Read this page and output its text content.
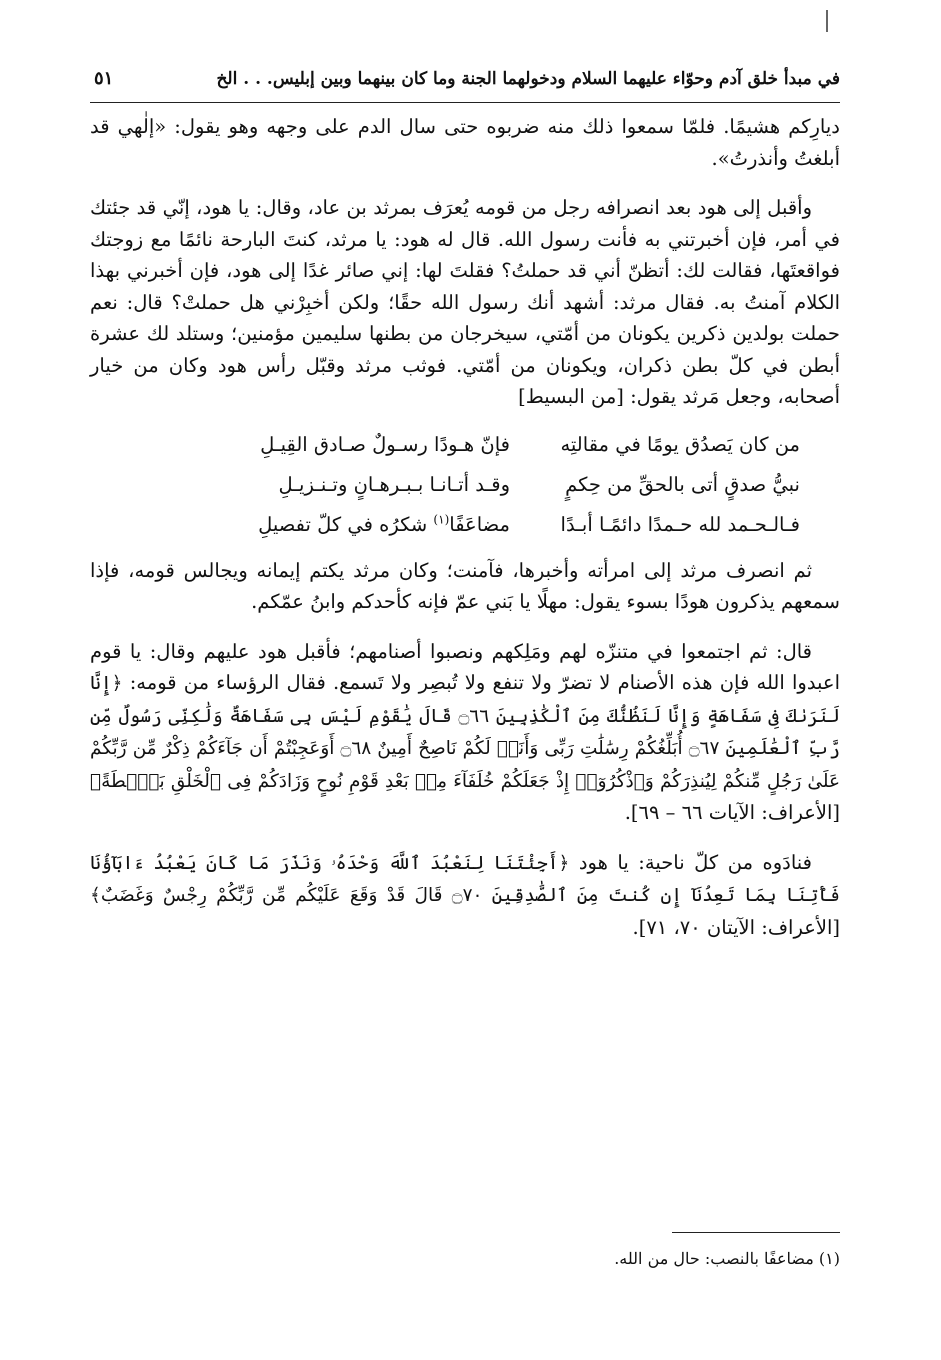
في مبدأ خلق آدم وحوّاء عليهما السلام ودخولهما الجنة وما كان بينهما وبين إبليس. . . الخ
٥١

ديارِكم هشيمًا. فلمّا سمعوا ذلك منه ضربوه حتى سال الدم على وجهه وهو يقول: «إلٰهي قد أبلغتُ وأنذرتُ».

وأقبل إلى هود بعد انصرافه رجل من قومه يُعرَف بمرثد بن عاد، وقال: يا هود، إنّي قد جئتك في أمر، فإن أخبرتني به فأنت رسول الله. قال له هود: يا مرثد، كنتَ البارحة نائمًا مع زوجتك فواقعتَها، فقالت لك: أتظنّ أني قد حملتُ؟ فقلتَ لها: إني صائر غدًا إلى هود، فإن أخبرني بهذا الكلام آمنتُ به. فقال مرثد: أشهد أنك رسول الله حقًا؛ ولكن أخبِرْني هل حملتْ؟ قال: نعم حملت بولدين ذكرين يكونان من أمّتي، سيخرجان من بطنها سليمين مؤمنين؛ وستلد لك عشرة أبطن في كلّ بطن ذكران، ويكونان من أمّتي. فوثب مرثد وقبّل رأس هود وكان من خيار أصحابه، وجعل مَرثد يقول: [من البسيط]

من كان يَصدُق يومًا في مقالتِه
فإنّ هـودًا رسـولٌ صـادق القِيـلِ
نبيُّ صدقٍ أتى بالحقِّ من حِكمٍ
وقـد أتـانـا بـبـرهـانٍ وتـنـزيـلِ
فـالـحـمد لله حـمدًا دائمًـا أبـدًا
مضاعَفًا$^{(١)}$ شكرُه في كلّ تفصيلِ

ثم انصرف مرثد إلى امرأته وأخبرها، فآمنت؛ وكان مرثد يكتم إيمانه ويجالس قومه، فإذا سمعهم يذكرون هودًا بسوء يقول: مهلًا يا بَني عمّ فإنه كأحدكم وابنُ عمّكم.

قال: ثم اجتمعوا في متنزّه لهم ومَلِكهم ونصبوا أصنامهم؛ فأقبل هود عليهم وقال: يا قوم اعبدوا الله فإن هذه الأصنام لا تضرّ ولا تنفع ولا تُبصِر ولا تَسمع. فقال الرؤساء من قومه: ﴿إِنَّا لَنَرَىٰكَ فِى سَفَاهَةٍ وَإِنَّا لَنَظُنُّكَ مِنَ ٱلْكَٰذِبِينَ ۝٦٦ قَالَ يَٰقَوْمِ لَيْسَ بِى سَفَاهَةٌ وَلَٰكِنِّى رَسُولٌ مِّن رَّبِّ ٱلْعَٰلَمِينَ ۝٦٧ أُبَلِّغُكُمْ رِسَٰلَٰتِ رَبِّى وَأَنَا۠ لَكُمْ نَاصِحٌ أَمِينٌ ۝٦٨ أَوَعَجِبْتُمْ أَن جَآءَكُمْ ذِكْرٌ مِّن رَّبِّكُمْ عَلَىٰ رَجُلٍ مِّنكُمْ لِيُنذِرَكُمْ وَٱذْكُرُوٓا۟ إِذْ جَعَلَكُمْ خُلَفَآءَ مِنۢ بَعْدِ قَوْمِ نُوحٍ وَزَادَكُمْ فِى ٱلْخَلْقِ بَصْۜطَةً﴾ [الأعراف: الآيات ٦٦ – ٦٩].

فنادَوه من كلّ ناحية: يا هود ﴿أَجِئْتَنَا لِنَعْبُدَ ٱللَّهَ وَحْدَهُۥ وَنَذَرَ مَا كَانَ يَعْبُدُ ءَابَآؤُنَا فَأْتِنَا بِمَا تَعِدُنَآ إِن كُنتَ مِنَ ٱلصَّٰدِقِينَ ۝٧٠ قَالَ قَدْ وَقَعَ عَلَيْكُم مِّن رَّبِّكُمْ رِجْسٌ وَغَضَبٌ﴾ [الأعراف: الآيتان ٧٠، ٧١].

(١) مضاعفًا بالنصب: حال من الله.
